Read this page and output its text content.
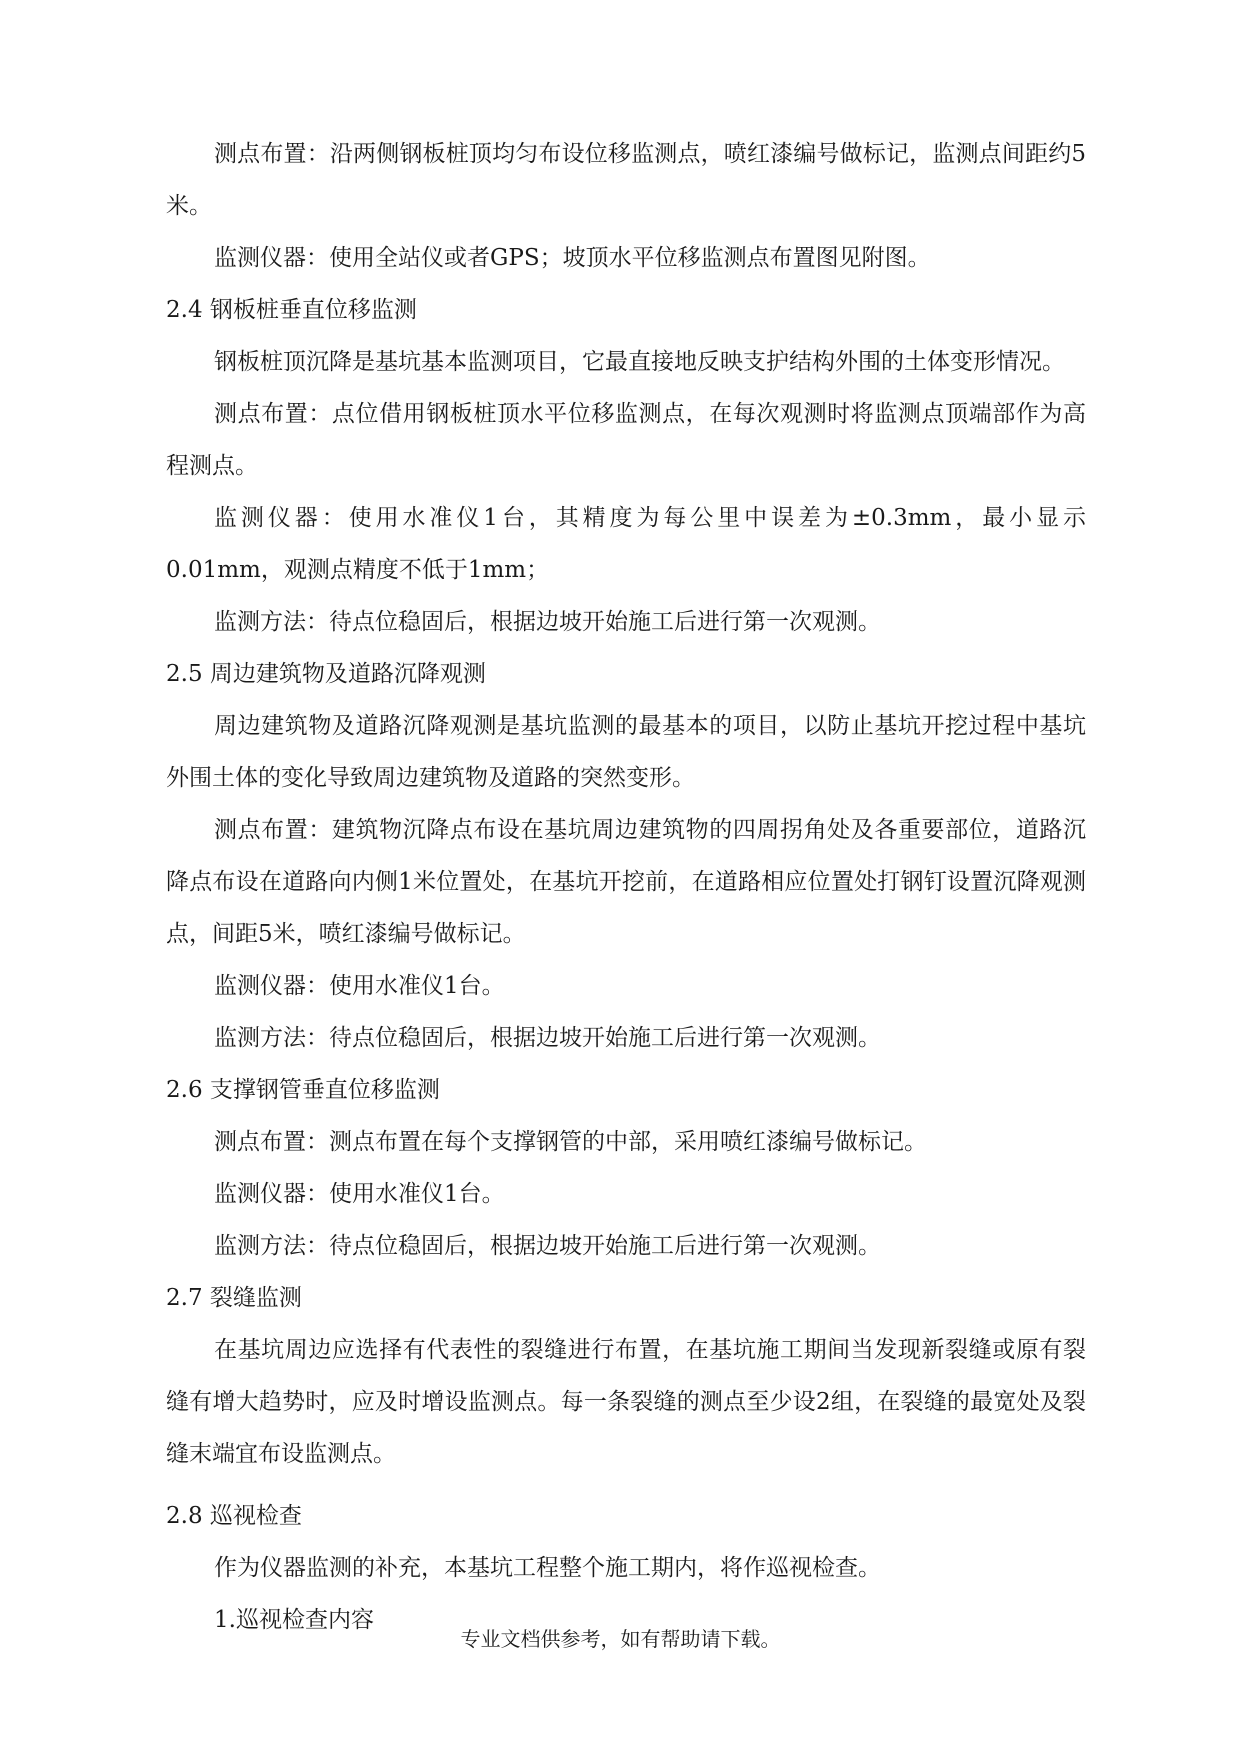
测点布置：沿两侧钢板桩顶均匀布设位移监测点，喷红漆编号做标记，监测点间距约5米。

监测仪器：使用全站仪或者GPS；坡顶水平位移监测点布置图见附图。

2.4 钢板桩垂直位移监测

钢板桩顶沉降是基坑基本监测项目，它最直接地反映支护结构外围的土体变形情况。

测点布置：点位借用钢板桩顶水平位移监测点，在每次观测时将监测点顶端部作为高程测点。

监测仪器：使用水准仪1台，其精度为每公里中误差为±0.3mm，最小显示0.01mm，观测点精度不低于1mm；

监测方法：待点位稳固后，根据边坡开始施工后进行第一次观测。

2.5 周边建筑物及道路沉降观测

周边建筑物及道路沉降观测是基坑监测的最基本的项目，以防止基坑开挖过程中基坑外围土体的变化导致周边建筑物及道路的突然变形。

测点布置：建筑物沉降点布设在基坑周边建筑物的四周拐角处及各重要部位，道路沉降点布设在道路向内侧1米位置处，在基坑开挖前，在道路相应位置处打钢钉设置沉降观测点，间距5米，喷红漆编号做标记。

监测仪器：使用水准仪1台。

监测方法：待点位稳固后，根据边坡开始施工后进行第一次观测。

2.6 支撑钢管垂直位移监测

测点布置：测点布置在每个支撑钢管的中部，采用喷红漆编号做标记。

监测仪器：使用水准仪1台。

监测方法：待点位稳固后，根据边坡开始施工后进行第一次观测。

2.7 裂缝监测

在基坑周边应选择有代表性的裂缝进行布置，在基坑施工期间当发现新裂缝或原有裂缝有增大趋势时，应及时增设监测点。每一条裂缝的测点至少设2组，在裂缝的最宽处及裂缝末端宜布设监测点。

2.8 巡视检查

作为仪器监测的补充，本基坑工程整个施工期内，将作巡视检查。

1.巡视检查内容

专业文档供参考，如有帮助请下载。
